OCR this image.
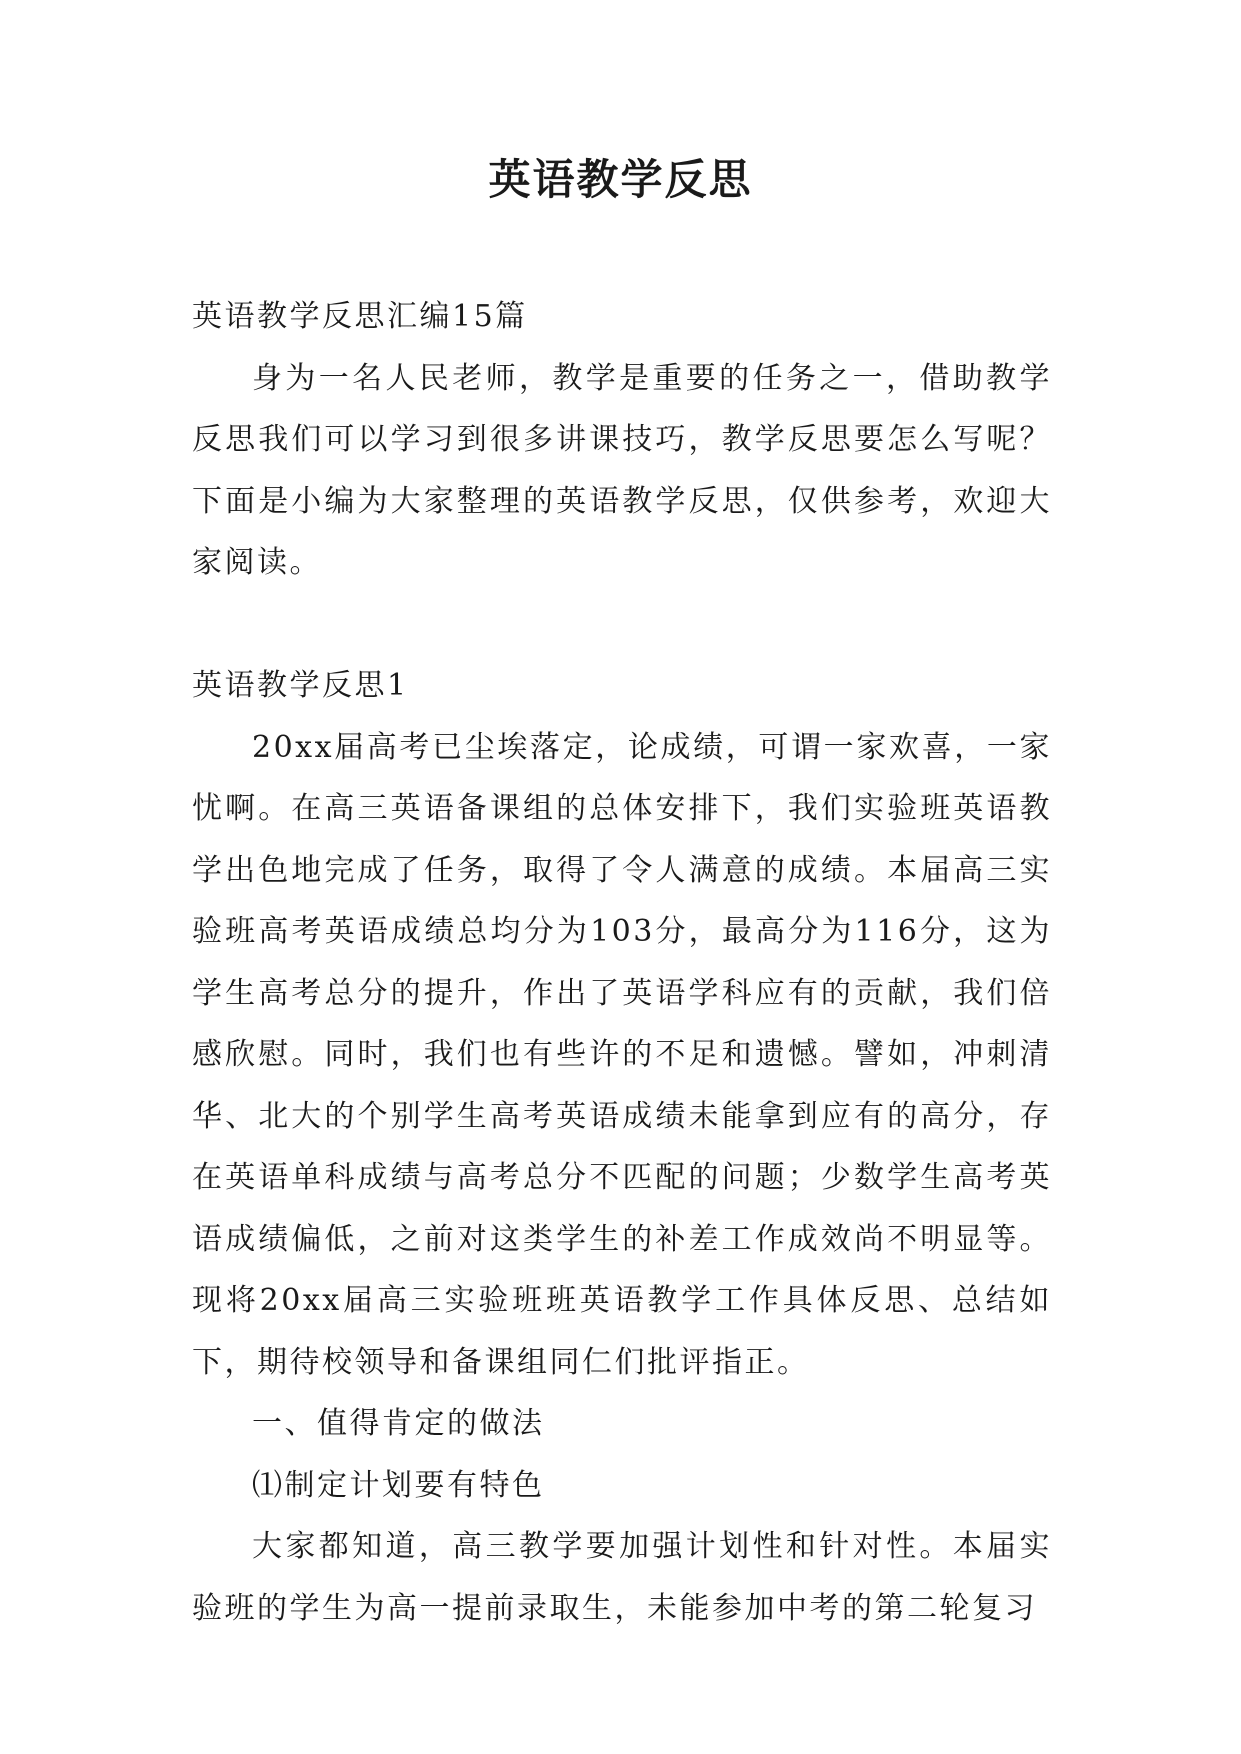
英语教学反思

英语教学反思汇编15篇

身为一名人民老师，教学是重要的任务之一，借助教学反思我们可以学习到很多讲课技巧，教学反思要怎么写呢？下面是小编为大家整理的英语教学反思，仅供参考，欢迎大家阅读。

英语教学反思1

20xx届高考已尘埃落定，论成绩，可谓一家欢喜，一家忧啊。在高三英语备课组的总体安排下，我们实验班英语教学出色地完成了任务，取得了令人满意的成绩。本届高三实验班高考英语成绩总均分为103分，最高分为116分，这为学生高考总分的提升，作出了英语学科应有的贡献，我们倍感欣慰。同时，我们也有些许的不足和遗憾。譬如，冲刺清华、北大的个别学生高考英语成绩未能拿到应有的高分，存在英语单科成绩与高考总分不匹配的问题；少数学生高考英语成绩偏低，之前对这类学生的补差工作成效尚不明显等。现将20xx届高三实验班班英语教学工作具体反思、总结如下，期待校领导和备课组同仁们批评指正。

一、值得肯定的做法

⑴制定计划要有特色

大家都知道，高三教学要加强计划性和针对性。本届实验班的学生为高一提前录取生，未能参加中考的第二轮复习
